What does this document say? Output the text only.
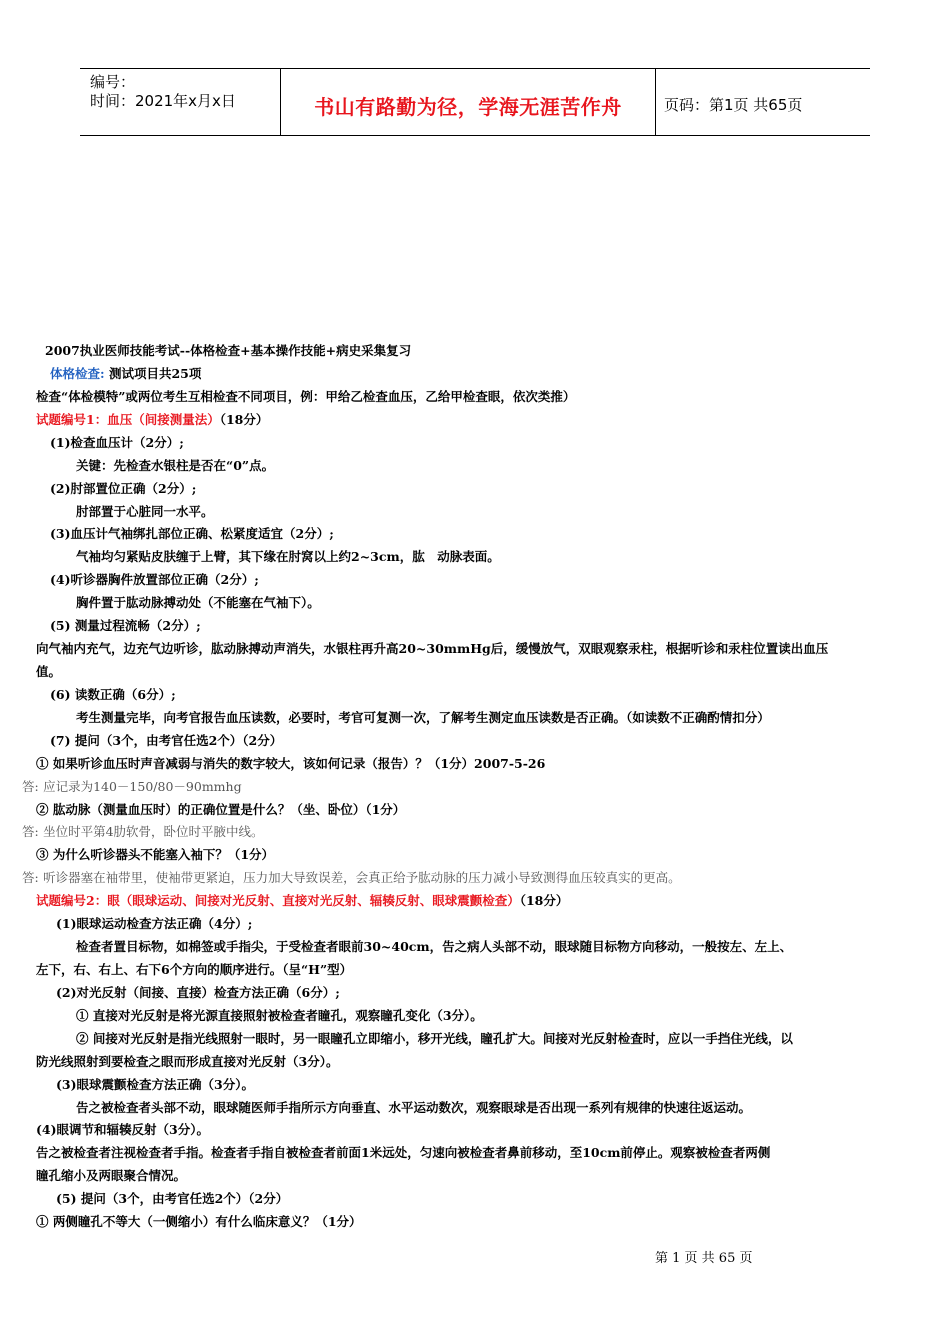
编号：
时间：2021年x月x日	书山有路勤为径，学海无涯苦作舟	页码：第1页 共65页
2007执业医师技能考试--体格检查+基本操作技能+病史采集复习
体格检查: 测试项目共25项
检查“体检模特”或两位考生互相检查不同项目，例：甲给乙检查血压，乙给甲检查眼，依次类推）
试题编号1：血压（间接测量法）（18分）
(1)检查血压计（2分）;
关键：先检查水银柱是否在“0”点。
(2)肘部置位正确（2分）;
肘部置于心脏同一水平。
(3)血压计气袖绑扎部位正确、松紧度适宜（2分）;
气袖均匀紧贴皮肤缠于上臂，其下缘在肘窝以上约2~3cm，肱　动脉表面。
(4)听诊器胸件放置部位正确（2分）;
胸件置于肱动脉搏动处（不能塞在气袖下）。
(5) 测量过程流畅（2分）;
向气袖内充气，边充气边听诊，肱动脉搏动声消失，水银柱再升高20~30mmHg后，缓慢放气，双眼观察汞柱，根据听诊和汞柱位置读出血压
值。
(6) 读数正确（6分）;
考生测量完毕，向考官报告血压读数，必要时，考官可复测一次，了解考生测定血压读数是否正确。（如读数不正确酌情扣分）
(7) 提问（3个，由考官任选2个）（2分）
① 如果听诊血压时声音减弱与消失的数字较大，该如何记录（报告）？（1分）2007-5-26
答: 应记录为140－150/80－90mmhg
② 肱动脉（测量血压时）的正确位置是什么？（坐、卧位）（1分）
答: 坐位时平第4肋软骨，卧位时平腋中线。
③ 为什么听诊器头不能塞入袖下？（1分）
答: 听诊器塞在袖带里，使袖带更紧迫，压力加大导致误差，会真正给予肱动脉的压力减小导致测得血压较真实的更高。
试题编号2：眼（眼球运动、间接对光反射、直接对光反射、辐辏反射、眼球震颤检查）（18分）
(1)眼球运动检查方法正确（4分）;
检查者置目标物，如棉签或手指尖，于受检查者眼前30~40cm，告之病人头部不动，眼球随目标物方向移动，一般按左、左上、
左下，右、右上、右下6个方向的顺序进行。（呈“H”型）
(2)对光反射（间接、直接）检查方法正确（6分）;
① 直接对光反射是将光源直接照射被检查者瞳孔，观察瞳孔变化（3分）。
② 间接对光反射是指光线照射一眼时，另一眼瞳孔立即缩小，移开光线，瞳孔扩大。间接对光反射检查时，应以一手挡住光线，以
防光线照射到要检查之眼而形成直接对光反射（3分）。
(3)眼球震颤检查方法正确（3分）。
告之被检查者头部不动，眼球随医师手指所示方向垂直、水平运动数次，观察眼球是否出现一系列有规律的快速往返运动。
(4)眼调节和辐辏反射（3分）。
告之被检查者注视检查者手指。检查者手指自被检查者前面1米远处，匀速向被检查者鼻前移动，至10cm前停止。观察被检查者两侧
瞳孔缩小及两眼聚合情况。
(5) 提问（3个，由考官任选2个）（2分）
① 两侧瞳孔不等大（一侧缩小）有什么临床意义？（1分）
第 1 页 共 65 页
